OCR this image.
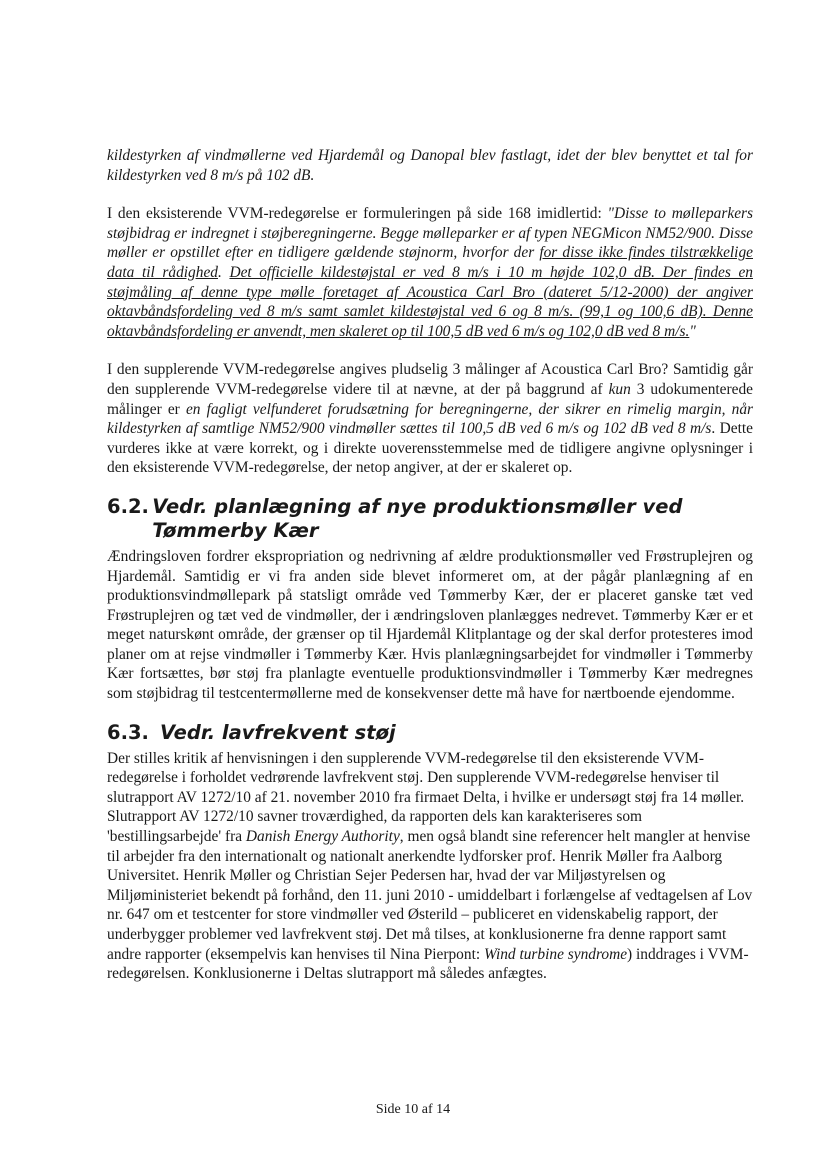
kildestyrken af vindmøllerne ved Hjardemål og Danopal blev fastlagt, idet der blev benyttet et tal for kildestyrken ved 8 m/s på 102 dB.

I den eksisterende VVM-redegørelse er formuleringen på side 168 imidlertid: "Disse to mølleparkers støjbidrag er indregnet i støjberegningerne. Begge mølleparker er af typen NEGMicon NM52/900. Disse møller er opstillet efter en tidligere gældende støjnorm, hvorfor der for disse ikke findes tilstrækkelige data til rådighed. Det officielle kildestøjstal er ved 8 m/s i 10 m højde 102,0 dB. Der findes en støjmåling af denne type mølle foretaget af Acoustica Carl Bro (dateret 5/12-2000) der angiver oktavbåndsfordeling ved 8 m/s samt samlet kildestøjstal ved 6 og 8 m/s. (99,1 og 100,6 dB). Denne oktavbåndsfordeling er anvendt, men skaleret op til 100,5 dB ved 6 m/s og 102,0 dB ved 8 m/s."

I den supplerende VVM-redegørelse angives pludselig 3 målinger af Acoustica Carl Bro? Samtidig går den supplerende VVM-redegørelse videre til at nævne, at der på baggrund af kun 3 udokumenterede målinger er en fagligt velfunderet forudsætning for beregningerne, der sikrer en rimelig margin, når kildestyrken af samtlige NM52/900 vindmøller sættes til 100,5 dB ved 6 m/s og 102 dB ved 8 m/s. Dette vurderes ikke at være korrekt, og i direkte uoverensstemmelse med de tidligere angivne oplysninger i den eksisterende VVM-redegørelse, der netop angiver, at der er skaleret op.

6.2. Vedr. planlægning af nye produktionsmøller ved Tømmerby Kær

Ændringsloven fordrer ekspropriation og nedrivning af ældre produktionsmøller ved Frøstruplejren og Hjardemål. Samtidig er vi fra anden side blevet informeret om, at der pågår planlægning af en produktionsvindmøllepark på statsligt område ved Tømmerby Kær, der er placeret ganske tæt ved Frøstruplejren og tæt ved de vindmøller, der i ændringsloven planlægges nedrevet. Tømmerby Kær er et meget naturskønt område, der grænser op til Hjardemål Klitplantage og der skal derfor protesteres imod planer om at rejse vindmøller i Tømmerby Kær. Hvis planlægningsarbejdet for vindmøller i Tømmerby Kær fortsættes, bør støj fra planlagte eventuelle produktionsvindmøller i Tømmerby Kær medregnes som støjbidrag til testcentermøllerne med de konsekvenser dette må have for nærtboende ejendomme.

6.3. Vedr. lavfrekvent støj

Der stilles kritik af henvisningen i den supplerende VVM-redegørelse til den eksisterende VVM-redegørelse i forholdet vedrørende lavfrekvent støj. Den supplerende VVM-redegørelse henviser til slutrapport AV 1272/10 af 21. november 2010 fra firmaet Delta, i hvilke er undersøgt støj fra 14 møller. Slutrapport AV 1272/10 savner troværdighed, da rapporten dels kan karakteriseres som 'bestillingsarbejde' fra Danish Energy Authority, men også blandt sine referencer helt mangler at henvise til arbejder fra den internationalt og nationalt anerkendte lydforsker prof. Henrik Møller fra Aalborg Universitet. Henrik Møller og Christian Sejer Pedersen har, hvad der var Miljøstyrelsen og Miljøministeriet bekendt på forhånd, den 11. juni 2010 - umiddelbart i forlængelse af vedtagelsen af Lov nr. 647 om et testcenter for store vindmøller ved Østerild – publiceret en videnskabelig rapport, der underbygger problemer ved lavfrekvent støj. Det må tilses, at konklusionerne fra denne rapport samt andre rapporter (eksempelvis kan henvises til Nina Pierpont: Wind turbine syndrome) inddrages i VVM-redegørelsen. Konklusionerne i Deltas slutrapport må således anfægtes.

Side 10 af 14
